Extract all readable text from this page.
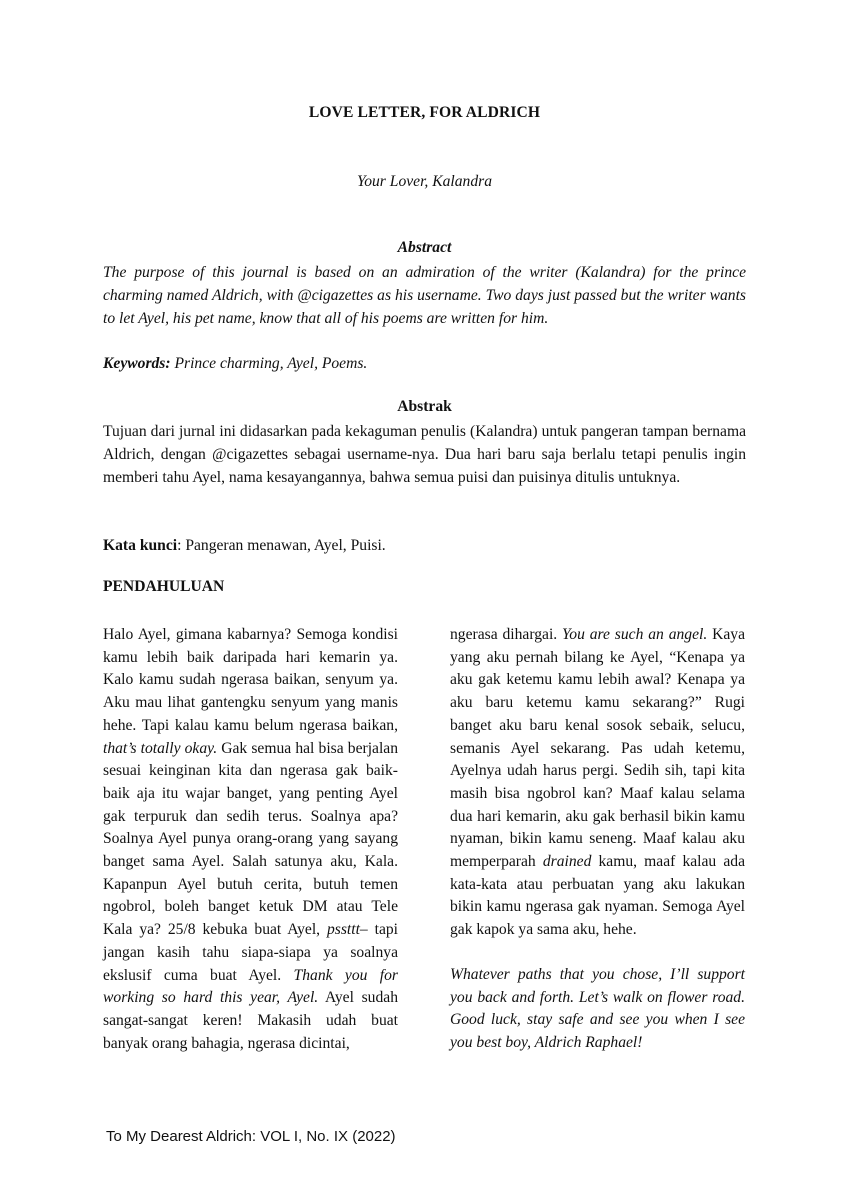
LOVE LETTER, FOR ALDRICH
Your Lover, Kalandra
Abstract
The purpose of this journal is based on an admiration of the writer (Kalandra) for the prince charming named Aldrich, with @cigazettes as his username. Two days just passed but the writer wants to let Ayel, his pet name, know that all of his poems are written for him.
Keywords: Prince charming, Ayel, Poems.
Abstrak
Tujuan dari jurnal ini didasarkan pada kekaguman penulis (Kalandra) untuk pangeran tampan bernama Aldrich, dengan @cigazettes sebagai username-nya. Dua hari baru saja berlalu tetapi penulis ingin memberi tahu Ayel, nama kesayangannya, bahwa semua puisi dan puisinya ditulis untuknya.
Kata kunci: Pangeran menawan, Ayel, Puisi.
PENDAHULUAN

Halo Ayel, gimana kabarnya? Semoga kondisi kamu lebih baik daripada hari kemarin ya. Kalo kamu sudah ngerasa baikan, senyum ya. Aku mau lihat gantengku senyum yang manis hehe. Tapi kalau kamu belum ngerasa baikan, that’s totally okay. Gak semua hal bisa berjalan sesuai keinginan kita dan ngerasa gak baik-baik aja itu wajar banget, yang penting Ayel gak terpuruk dan sedih terus. Soalnya apa? Soalnya Ayel punya orang-orang yang sayang banget sama Ayel. Salah satunya aku, Kala. Kapanpun Ayel butuh cerita, butuh temen ngobrol, boleh banget ketuk DM atau Tele Kala ya? 25/8 kebuka buat Ayel, pssttt– tapi jangan kasih tahu siapa-siapa ya soalnya ekslusif cuma buat Ayel. Thank you for working so hard this year, Ayel. Ayel sudah sangat-sangat keren! Makasih udah buat banyak orang bahagia, ngerasa dicintai,

ngerasa dihargai. You are such an angel. Kaya yang aku pernah bilang ke Ayel, “Kenapa ya aku gak ketemu kamu lebih awal? Kenapa ya aku baru ketemu kamu sekarang?” Rugi banget aku baru kenal sosok sebaik, selucu, semanis Ayel sekarang. Pas udah ketemu, Ayelnya udah harus pergi. Sedih sih, tapi kita masih bisa ngobrol kan? Maaf kalau selama dua hari kemarin, aku gak berhasil bikin kamu nyaman, bikin kamu seneng. Maaf kalau aku memperparah drained kamu, maaf kalau ada kata-kata atau perbuatan yang aku lakukan bikin kamu ngerasa gak nyaman. Semoga Ayel gak kapok ya sama aku, hehe.

Whatever paths that you chose, I’ll support you back and forth. Let’s walk on flower road. Good luck, stay safe and see you when I see you best boy, Aldrich Raphael!

To My Dearest Aldrich: VOL I, No. IX (2022)
